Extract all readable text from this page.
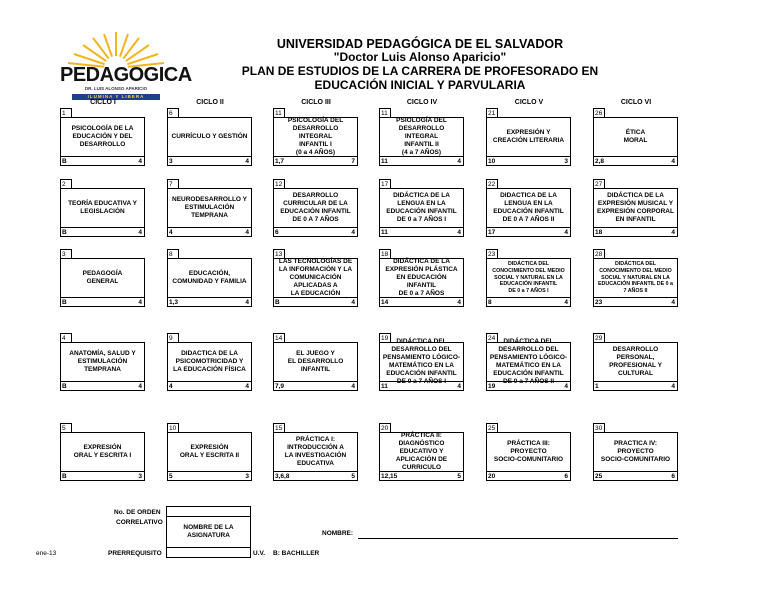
PEDAGOGICA
DR. LUIS ALONSO APARICIO
ILUMINA Y LIBERA
UNIVERSIDAD PEDAGÓGICA DE EL SALVADOR
"Doctor Luis Alonso Aparicio"
PLAN DE ESTUDIOS DE LA CARRERA DE PROFESORADO EN
EDUCACIÓN INICIAL Y PARVULARIA
CICLO I	CICLO II	CICLO III	CICLO IV	CICLO V	CICLO VI
PSICOLOGÍA DE LA
EDUCACIÓN Y DEL
DESARROLLO
1
B	4
CURRÍCULO Y GESTIÓN
6
3	4
PSICOLOGÍA DEL
DESARROLLO INTEGRAL
INFANTIL I
(0 a 4 AÑOS)
11
1,7	7
PSIOLOGÍA DEL
DESARROLLO INTEGRAL
INFANTIL II
(4 a 7 AÑOS)
11
11	4
EXPRESIÓN Y
CREACIÓN LITERARIA
21
10	3
ÉTICA
MORAL
26
2,8	4
TEORÍA EDUCATIVA Y
LEGISLACIÓN
2
B	4
NEURODESARROLLO Y
ESTIMULACIÓN
TEMPRANA
7
4	4
DESARROLLO
CURRICULAR DE LA
EDUCACIÓN INFANTIL
DE 0 A 7 AÑOS
12
6	4
DIDÁCTICA DE LA
LENGUA EN LA
EDUCACIÓN INFANTIL
DE 0 a 7 AÑOS I
17
11	4
DIDACTICA DE LA
LENGUA EN LA
EDUCACIÓN INFANTIL
DE 0 A 7 AÑOS II
22
17	4
DIDÁCTICA DE LA
EXPRESIÓN MUSICAL Y
EXPRESIÓN CORPORAL
EN INFANTIL
27
18	4
PEDAGOGÍA
GENERAL
3
B	4
EDUCACIÓN,
COMUNIDAD Y FAMILIA
8
1,3	4
LAS TECNOLOGÍAS DE
LA INFORMACIÓN Y LA
COMUNICACIÓN
APLICADAS A
LA EDUCACIÓN
13
B	4
DIDÁCTICA DE LA
EXPRESIÓN PLÁSTICA
EN EDUCACIÓN
INFANTIL
DE 0 a 7 AÑOS
18
14	4
DIDÁCTICA DEL
CONOCIMIENTO DEL MEDIO
SOCIAL Y NATURAL EN LA
EDUCACIÓN INFANTIL
DE 0 a 7 AÑOS I
23
8	4
DIDÁCTICA DEL
CONOCIMIENTO DEL MEDIO
SOCIAL Y NATURAL EN LA
EDUCACIÓN INFANTIL DE 0 a
7 AÑOS II
28
23	4
ANATOMÍA, SALUD Y
ESTIMULACIÓN
TEMPRANA
4
B	4
DIDACTICA DE LA
PSICOMOTRICIDAD Y
LA EDUCACIÓN FÍSICA
9
4	4
EL JUEGO Y
EL DESARROLLO
INFANTIL
14
7,9	4
DIDÁCTICA DEL
DESARROLLO DEL
PENSAMIENTO LÓGICO-
MATEMÁTICO EN LA
EDUCACIÓN INFANTIL
DE 0 a 7 AÑOS I
19
11	4
DIDÁCTICA DEL
DESARROLLO DEL
PENSAMIENTO LÓGICO-
MATEMÁTICO EN LA
EDUCACIÓN INFANTIL
DE 0 a 7 AÑOS II
24
19	4
DESARROLLO
PERSONAL,
PROFESIONAL Y
CULTURAL
29
1	4
EXPRESIÓN
ORAL Y ESCRITA I
5
B	3
EXPRESIÓN
ORAL Y ESCRITA II
10
5	3
PRÁCTICA I:
INTRODUCCIÓN A
LA INVESTIGACIÓN
EDUCATIVA
15
3,6,8	5
PRÁCTICA II:
DIAGNÓSTICO
EDUCATIVO Y
APLICACIÓN DE
CURRICULO
20
12,15	5
PRÁCTICA III:
PROYECTO
SOCIO-COMUNITARIO
25
20	6
PRACTICA IV:
PROYECTO
SOCIO-COMUNITARIO
30
25	6
No. DE ORDEN
CORRELATIVO
NOMBRE DE LA
ASIGNATURA
PRERREQUISITO	U.V. B: BACHILLER
NOMBRE:
ene-13
